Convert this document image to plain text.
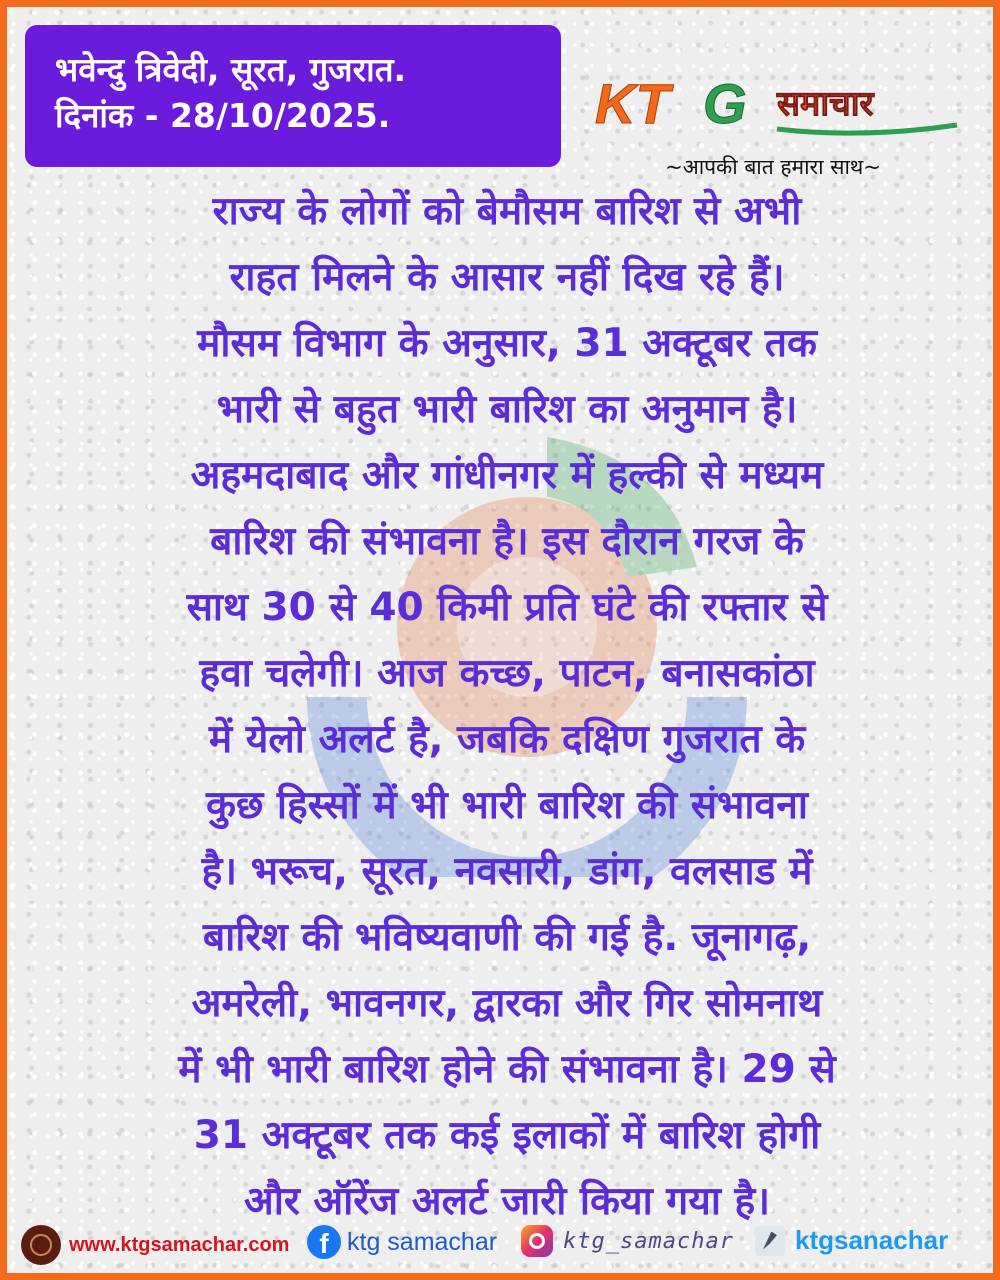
भवेन्दु त्रिवेदी, सूरत, गुजरात.
दिनांक - 28/10/2025.	KT G समाचार
~आपकी बात हमारा साथ~
राज्य के लोगों को बेमौसम बारिश से अभी
राहत मिलने के आसार नहीं दिख रहे हैं।
मौसम विभाग के अनुसार, 31 अक्टूबर तक
भारी से बहुत भारी बारिश का अनुमान है।
अहमदाबाद और गांधीनगर में हल्की से मध्यम
बारिश की संभावना है। इस दौरान गरज के
साथ 30 से 40 किमी प्रति घंटे की रफ्तार से
हवा चलेगी। आज कच्छ, पाटन, बनासकांठा
में येलो अलर्ट है, जबकि दक्षिण गुजरात के
कुछ हिस्सों में भी भारी बारिश की संभावना
है। भरूच, सूरत, नवसारी, डांग, वलसाड में
बारिश की भविष्यवाणी की गई है. जूनागढ़,
अमरेली, भावनगर, द्वारका और गिर सोमनाथ
में भी भारी बारिश होने की संभावना है। 29 से
31 अक्टूबर तक कई इलाकों में बारिश होगी
और ऑरेंज अलर्ट जारी किया गया है।
www.ktgsamachar.com	f ktg samachar	ktg_samachar ktgsanachar
